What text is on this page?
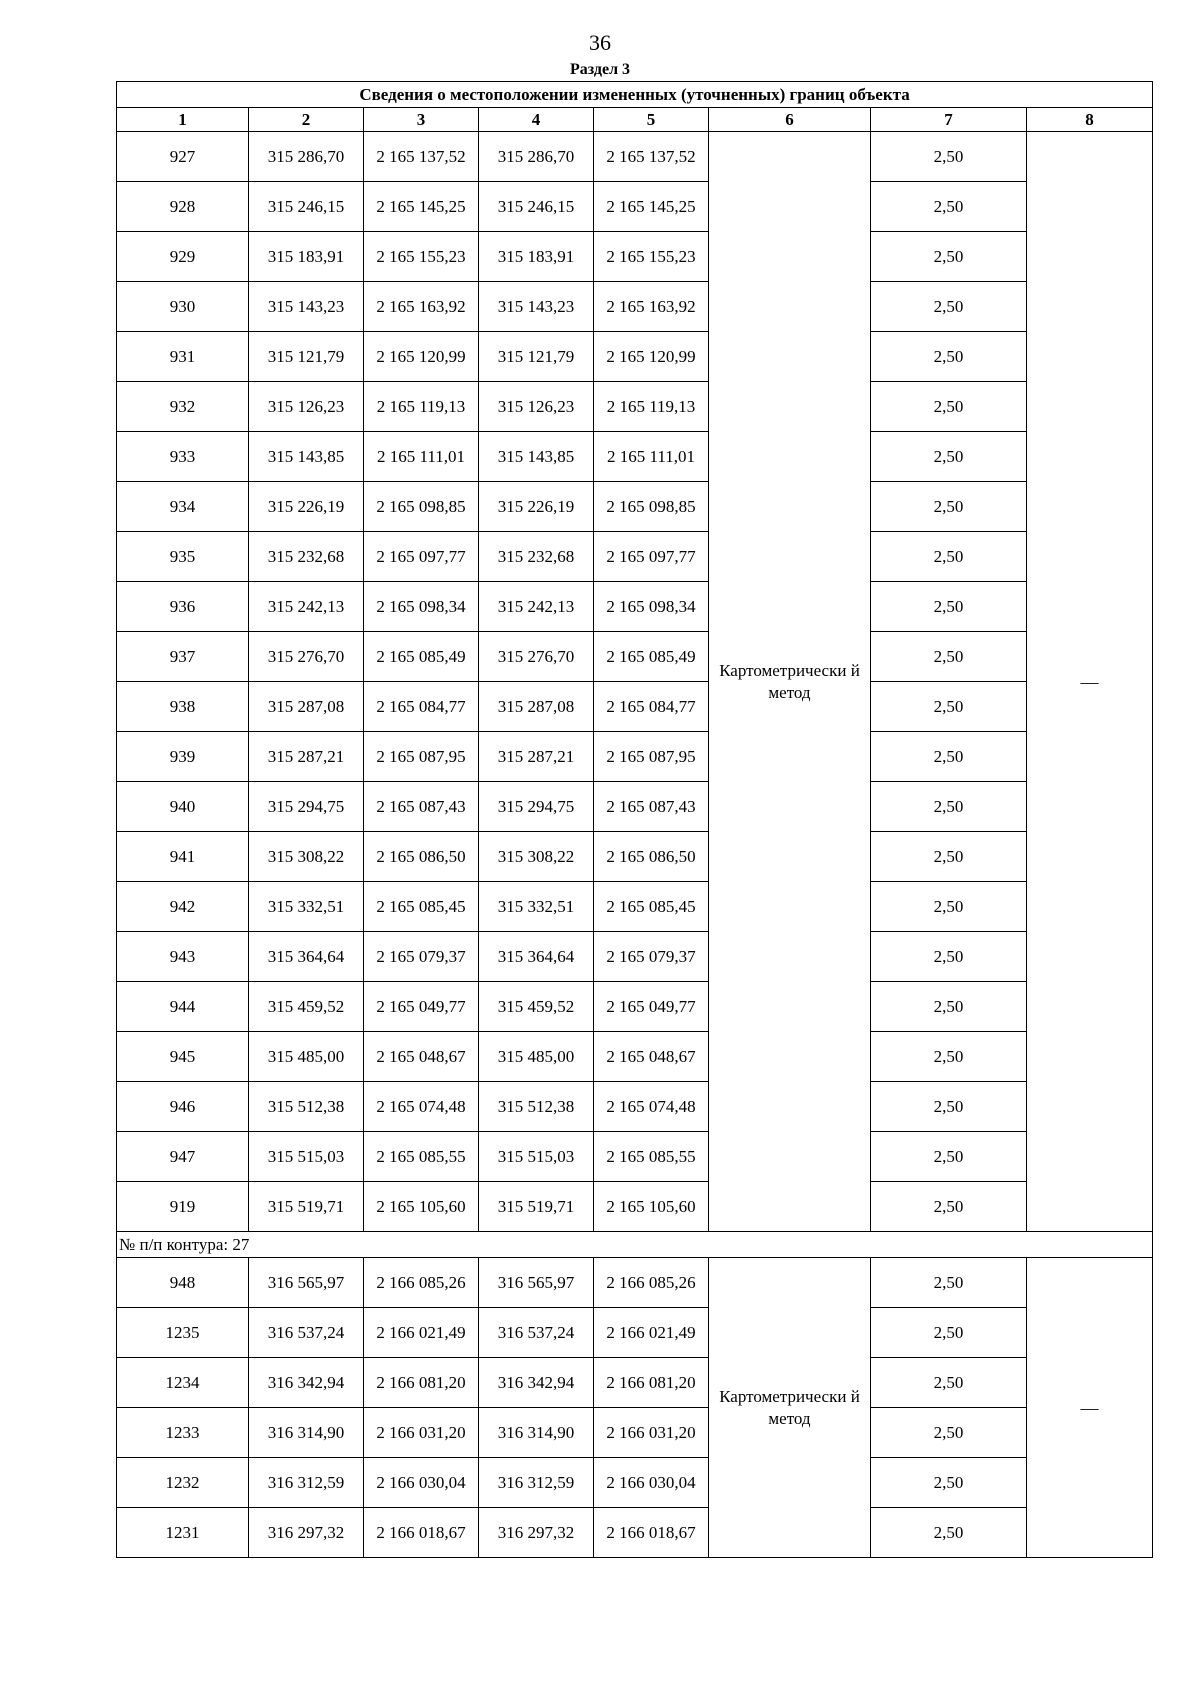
36
Раздел 3
Сведения о местоположении измененных (уточненных) границ объекта							
1	2	3	4	5	6	7	8
927	315 286,70	2 165 137,52	315 286,70	2 165 137,52	Картометрически й метод	2,50	—
928	315 246,15	2 165 145,25	315 246,15	2 165 145,25		2,50	
929	315 183,91	2 165 155,23	315 183,91	2 165 155,23		2,50	
930	315 143,23	2 165 163,92	315 143,23	2 165 163,92		2,50	
931	315 121,79	2 165 120,99	315 121,79	2 165 120,99		2,50	
932	315 126,23	2 165 119,13	315 126,23	2 165 119,13		2,50	
933	315 143,85	2 165 111,01	315 143,85	2 165 111,01		2,50	
934	315 226,19	2 165 098,85	315 226,19	2 165 098,85		2,50	
935	315 232,68	2 165 097,77	315 232,68	2 165 097,77		2,50	
936	315 242,13	2 165 098,34	315 242,13	2 165 098,34		2,50	
937	315 276,70	2 165 085,49	315 276,70	2 165 085,49		2,50	
938	315 287,08	2 165 084,77	315 287,08	2 165 084,77		2,50	
939	315 287,21	2 165 087,95	315 287,21	2 165 087,95		2,50	
940	315 294,75	2 165 087,43	315 294,75	2 165 087,43		2,50	
941	315 308,22	2 165 086,50	315 308,22	2 165 086,50		2,50	
942	315 332,51	2 165 085,45	315 332,51	2 165 085,45		2,50	
943	315 364,64	2 165 079,37	315 364,64	2 165 079,37		2,50	
944	315 459,52	2 165 049,77	315 459,52	2 165 049,77		2,50	
945	315 485,00	2 165 048,67	315 485,00	2 165 048,67		2,50	
946	315 512,38	2 165 074,48	315 512,38	2 165 074,48		2,50	
947	315 515,03	2 165 085,55	315 515,03	2 165 085,55		2,50	
919	315 519,71	2 165 105,60	315 519,71	2 165 105,60		2,50	
№ п/п контура: 27							
948	316 565,97	2 166 085,26	316 565,97	2 166 085,26	Картометрически й метод	2,50	—
1235	316 537,24	2 166 021,49	316 537,24	2 166 021,49		2,50	
1234	316 342,94	2 166 081,20	316 342,94	2 166 081,20		2,50	
1233	316 314,90	2 166 031,20	316 314,90	2 166 031,20		2,50	
1232	316 312,59	2 166 030,04	316 312,59	2 166 030,04		2,50	
1231	316 297,32	2 166 018,67	316 297,32	2 166 018,67		2,50	
